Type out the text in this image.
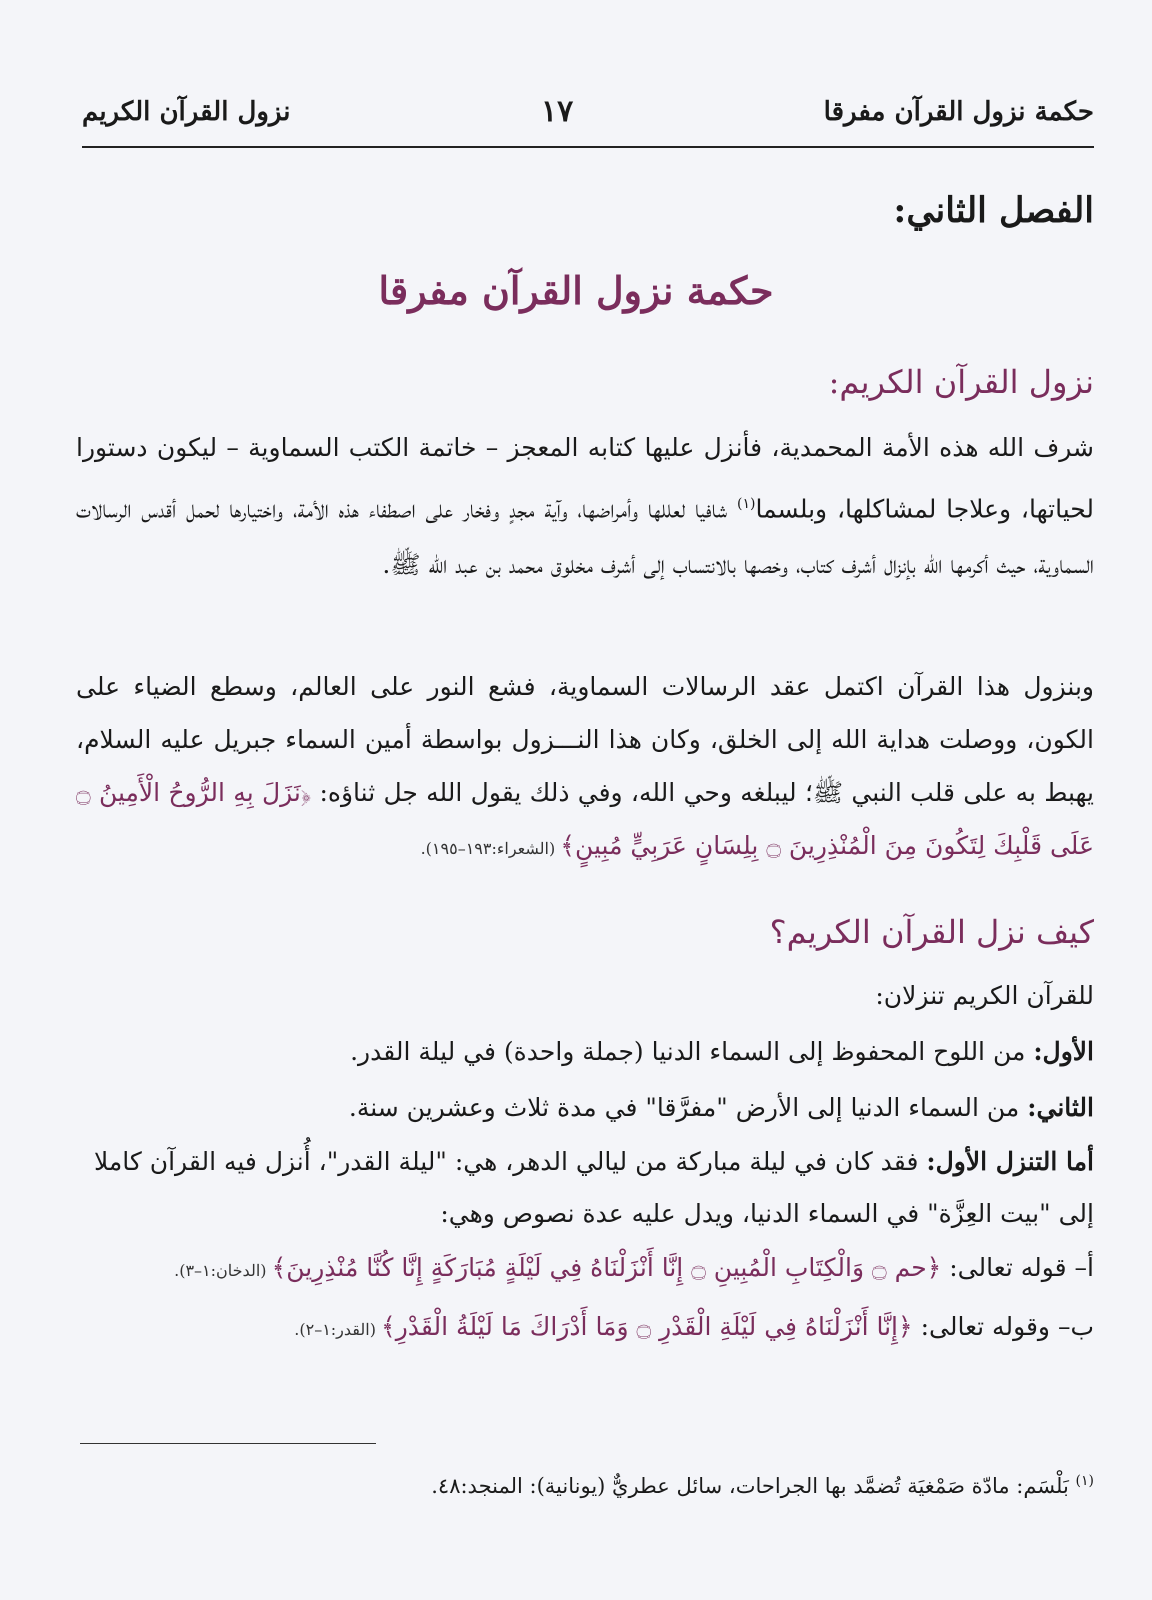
حكمة نزول القرآن مفرقا
١٧
نزول القرآن الكريم
الفصل الثاني:
حكمة نزول القرآن مفرقا
نزول القرآن الكريم:
شرف الله هذه الأمة المحمدية، فأنزل عليها كتابه المعجز – خاتمة الكتب السماوية – ليكون دستورا لحياتها، وعلاجا لمشاكلها، وبلسما$^{(١)}$ شافيا لعللها وأمراضها، وآية مجدٍ وفخار على اصطفاء هذه الأمة، واختيارها لحمل أقدس الرسالات السماوية، حيث أكرمها الله بإنزال أشرف كتاب، وخصها بالانتساب إلى أشرف مخلوق محمد بن عبد الله ﷺ.
وبنزول هذا القرآن اكتمل عقد الرسالات السماوية، فشع النور على العالم، وسطع الضياء على الكون، ووصلت هداية الله إلى الخلق، وكان هذا النـــزول بواسطة أمين السماء جبريل عليه السلام، يهبط به على قلب النبي ﷺ؛ ليبلغه وحي الله، وفي ذلك يقول الله جل ثناؤه: ﴿نَزَلَ بِهِ الرُّوحُ الْأَمِينُ ۝ عَلَى قَلْبِكَ لِتَكُونَ مِنَ الْمُنْذِرِينَ ۝ بِلِسَانٍ عَرَبِيٍّ مُبِينٍ﴾ (الشعراء:١٩٣–١٩٥).
كيف نزل القرآن الكريم؟
للقرآن الكريم تنزلان:
الأول: من اللوح المحفوظ إلى السماء الدنيا (جملة واحدة) في ليلة القدر.
الثاني: من السماء الدنيا إلى الأرض "مفرَّقا" في مدة ثلاث وعشرين سنة.
أما التنزل الأول: فقد كان في ليلة مباركة من ليالي الدهر، هي: "ليلة القدر"، أُنزل فيه القرآن كاملا إلى "بيت العِزَّة" في السماء الدنيا، ويدل عليه عدة نصوص وهي:
أ– قوله تعالى: ﴿حم ۝ وَالْكِتَابِ الْمُبِينِ ۝ إِنَّا أَنْزَلْنَاهُ فِي لَيْلَةٍ مُبَارَكَةٍ إِنَّا كُنَّا مُنْذِرِينَ﴾ (الدخان:١–٣).
ب– وقوله تعالى: ﴿إِنَّا أَنْزَلْنَاهُ فِي لَيْلَةِ الْقَدْرِ ۝ وَمَا أَدْرَاكَ مَا لَيْلَةُ الْقَدْرِ﴾ (القدر:١–٢).
$^{(١)}$ بَلْسَم: مادّة صَمْغيَة تُضمَّد بها الجراحات، سائل عطريٌّ (يونانية): المنجد:٤٨.
